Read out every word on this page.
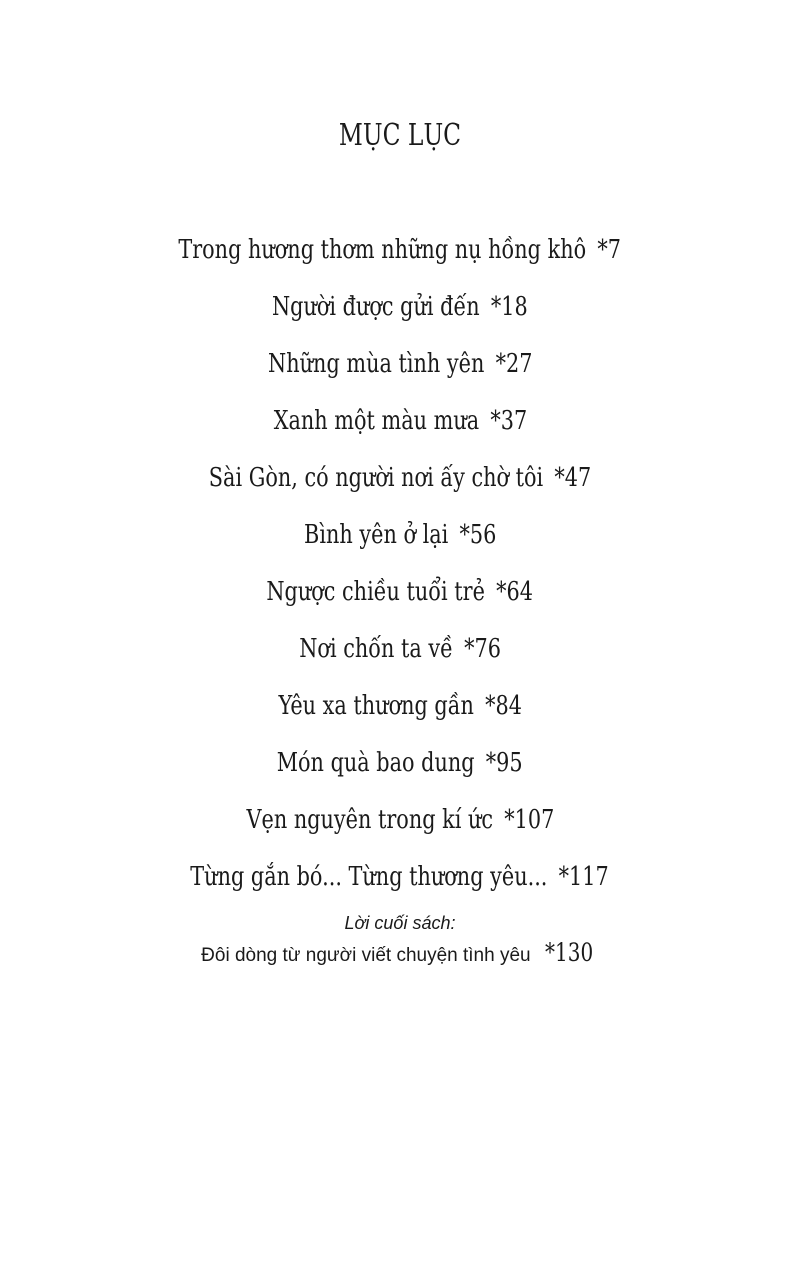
MỤC LỤC
Trong hương thơm những nụ hồng khô *7
Người được gửi đến *18
Những mùa tình yên *27
Xanh một màu mưa *37
Sài Gòn, có người nơi ấy chờ tôi *47
Bình yên ở lại *56
Ngược chiều tuổi trẻ *64
Nơi chốn ta về *76
Yêu xa thương gần *84
Món quà bao dung *95
Vẹn nguyên trong kí ức *107
Từng gắn bó... Từng thương yêu... *117
Lời cuối sách:
Đôi dòng từ người viết chuyện tình yêu *130
